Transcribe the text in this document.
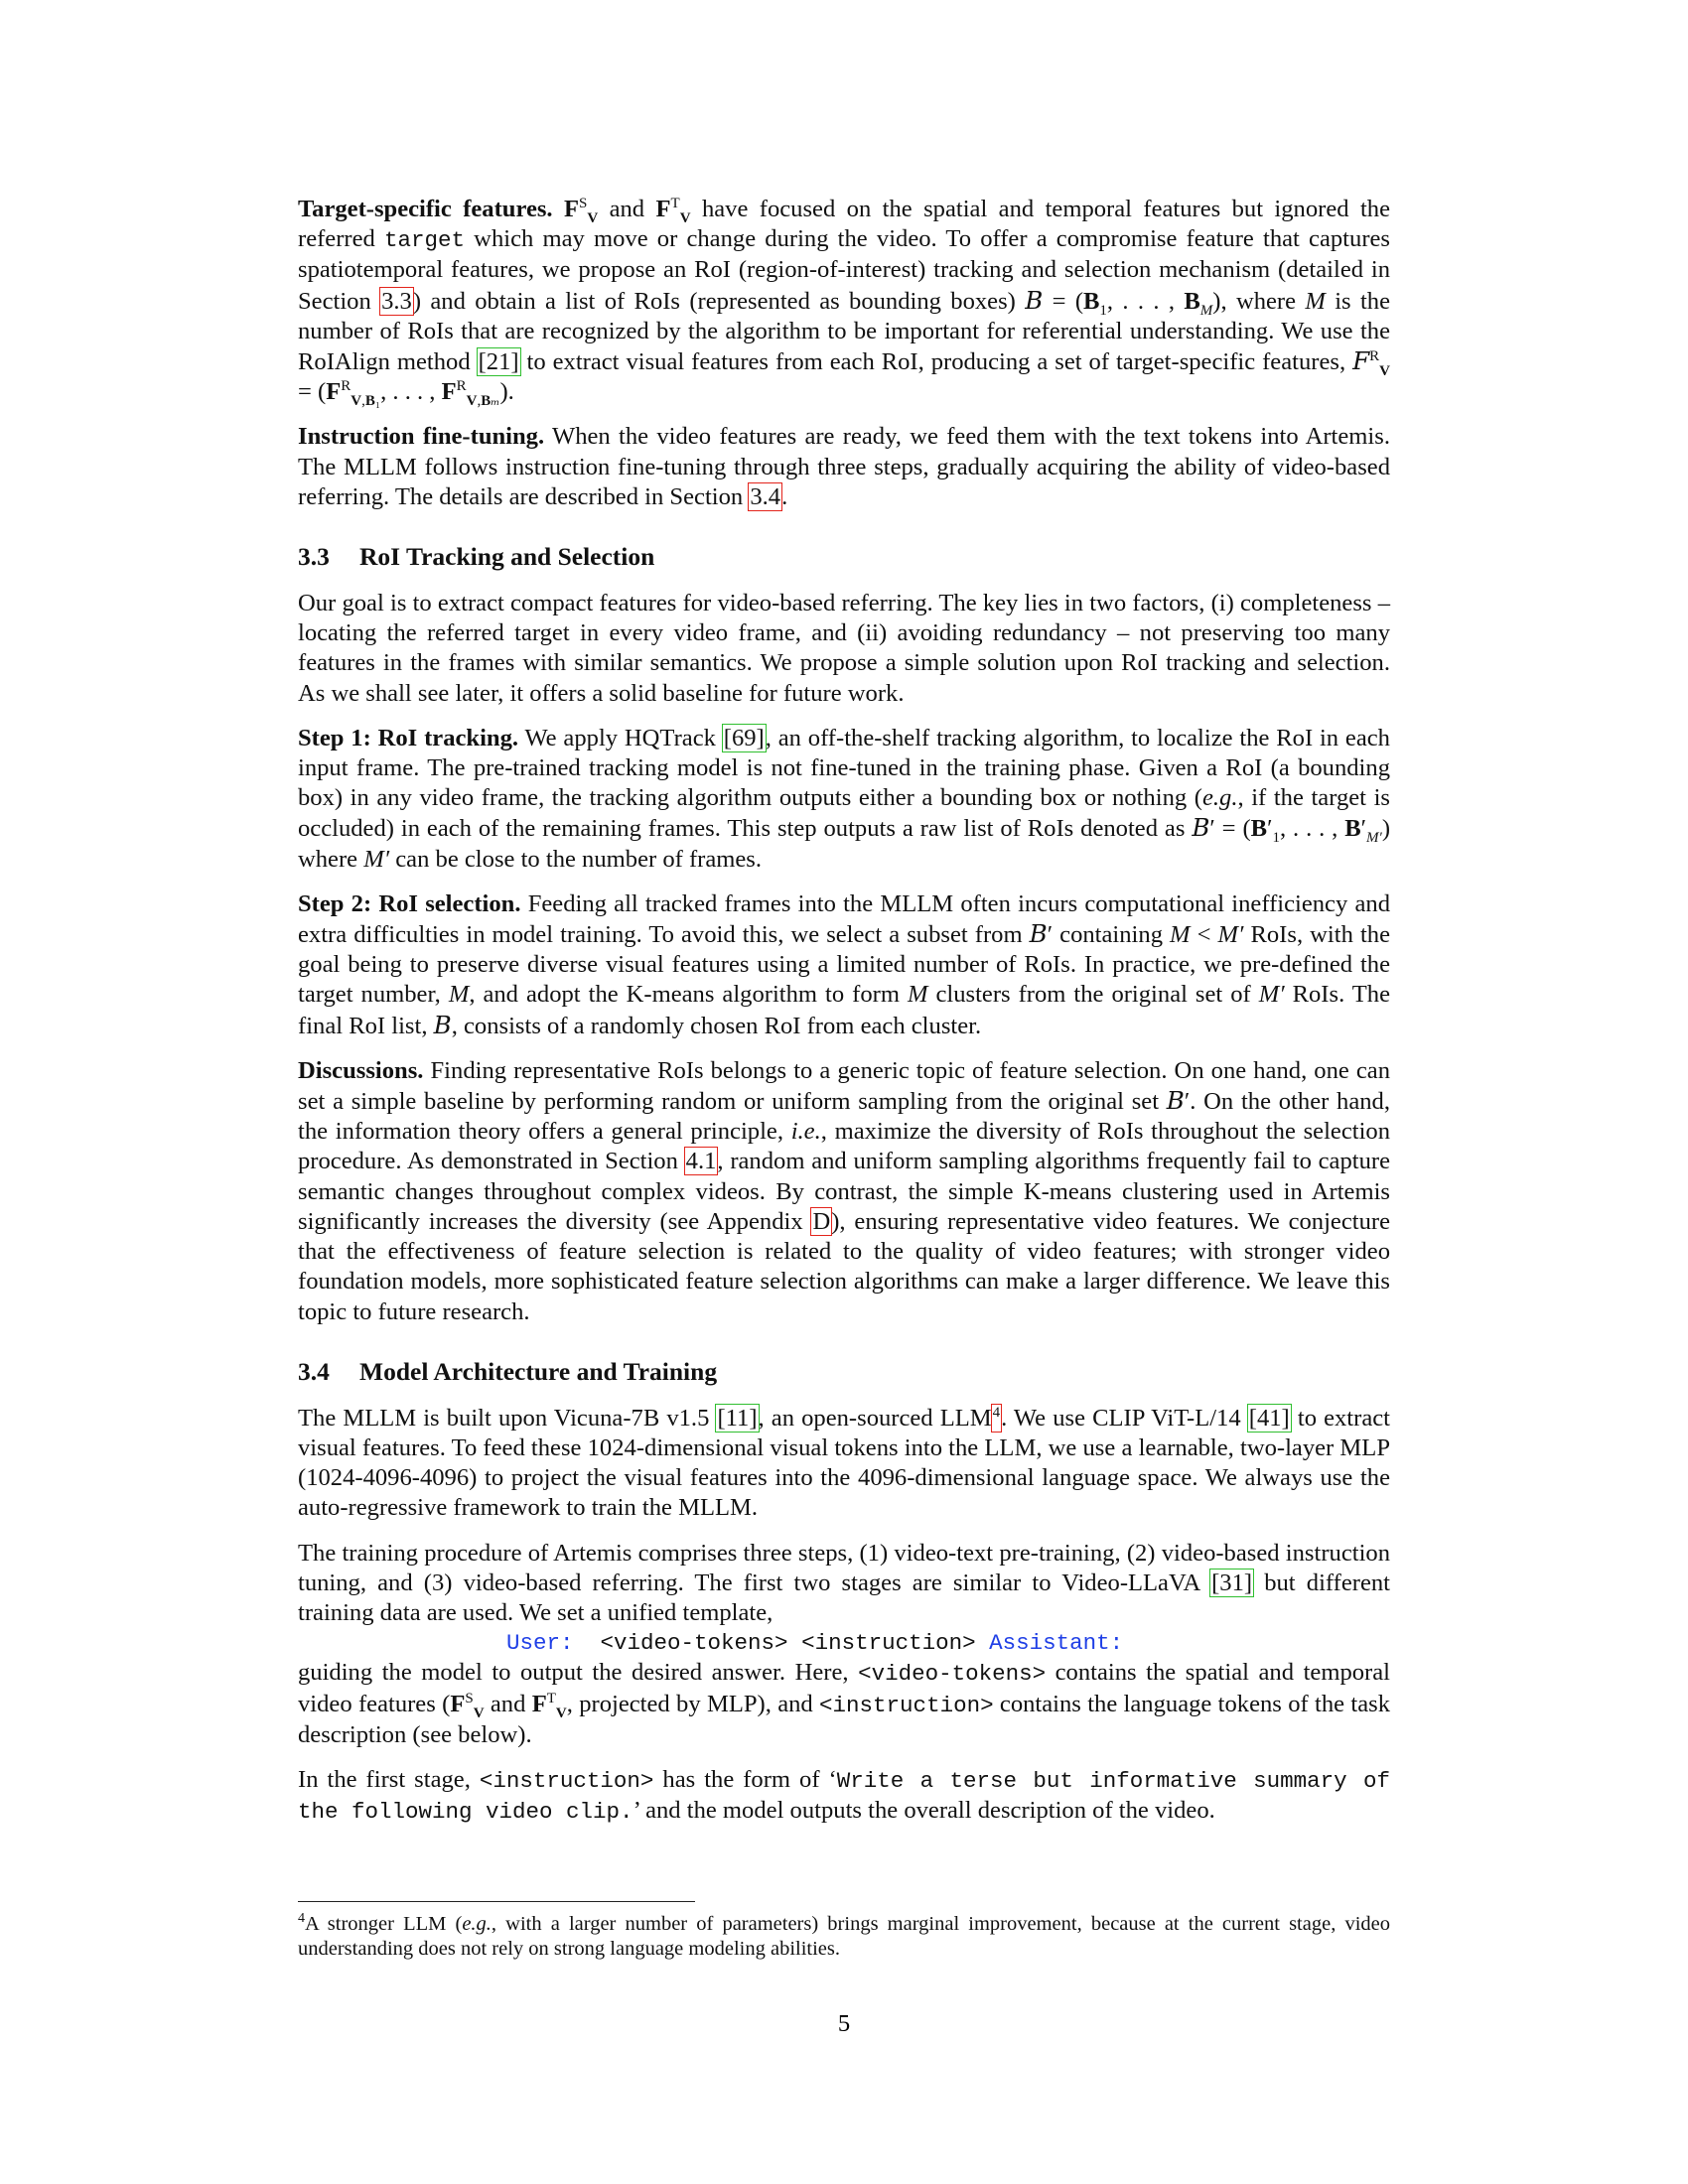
Target-specific features. $F^S_V$ and $F^T_V$ have focused on the spatial and temporal features but ignored the referred target which may move or change during the video. To offer a compromise feature that captures spatiotemporal features, we propose an RoI (region-of-interest) tracking and selection mechanism (detailed in Section 3.3) and obtain a list of RoIs (represented as bounding boxes) $B = (B_1$, . . . , $B_M$), where M is the number of RoIs that are recognized by the algorithm to be important for referential understanding. We use the RoIAlign method [21] to extract visual features from each RoI, producing a set of target-specific features, $F^R_V = (F^R_{V,B_1}$, . . . , $F^R_{V,B_m}$).

Instruction fine-tuning. When the video features are ready, we feed them with the text tokens into Artemis. The MLLM follows instruction fine-tuning through three steps, gradually acquiring the ability of video-based referring. The details are described in Section 3.4.

3.3 RoI Tracking and Selection

Our goal is to extract compact features for video-based referring. The key lies in two factors, (i) completeness – locating the referred target in every video frame, and (ii) avoiding redundancy – not preserving too many features in the frames with similar semantics. We propose a simple solution upon RoI tracking and selection. As we shall see later, it offers a solid baseline for future work.

Step 1: RoI tracking. We apply HQTrack [69], an off-the-shelf tracking algorithm, to localize the RoI in each input frame. The pre-trained tracking model is not fine-tuned in the training phase. Given a RoI (a bounding box) in any video frame, the tracking algorithm outputs either a bounding box or nothing (e.g., if the target is occluded) in each of the remaining frames. This step outputs a raw list of RoIs denoted as $B' = (B'_1$, . . . , $B'_{M'}$) where M′ can be close to the number of frames.

Step 2: RoI selection. Feeding all tracked frames into the MLLM often incurs computational inefficiency and extra difficulties in model training. To avoid this, we select a subset from B′ containing M < M′ RoIs, with the goal being to preserve diverse visual features using a limited number of RoIs. In practice, we pre-defined the target number, M, and adopt the K-means algorithm to form M clusters from the original set of M′ RoIs. The final RoI list, B, consists of a randomly chosen RoI from each cluster.

Discussions. Finding representative RoIs belongs to a generic topic of feature selection. On one hand, one can set a simple baseline by performing random or uniform sampling from the original set B′. On the other hand, the information theory offers a general principle, i.e., maximize the diversity of RoIs throughout the selection procedure. As demonstrated in Section 4.1, random and uniform sampling algorithms frequently fail to capture semantic changes throughout complex videos. By contrast, the simple K-means clustering used in Artemis significantly increases the diversity (see Appendix D), ensuring representative video features. We conjecture that the effectiveness of feature selection is related to the quality of video features; with stronger video foundation models, more sophisticated feature selection algorithms can make a larger difference. We leave this topic to future research.

3.4 Model Architecture and Training

The MLLM is built upon Vicuna-7B v1.5 [11], an open-sourced LLM$^4$. We use CLIP ViT-L/14 [41] to extract visual features. To feed these 1024-dimensional visual tokens into the LLM, we use a learnable, two-layer MLP (1024-4096-4096) to project the visual features into the 4096-dimensional language space. We always use the auto-regressive framework to train the MLLM.

The training procedure of Artemis comprises three steps, (1) video-text pre-training, (2) video-based instruction tuning, and (3) video-based referring. The first two stages are similar to Video-LLaVA [31] but different training data are used. We set a unified template,

User: <video-tokens> <instruction> Assistant:

guiding the model to output the desired answer. Here, <video-tokens> contains the spatial and temporal video features ($F^S_V$ and $F^T_V$, projected by MLP), and <instruction> contains the language tokens of the task description (see below).

In the first stage, <instruction> has the form of ‘Write a terse but informative summary of the following video clip.’ and the model outputs the overall description of the video.

$^4$A stronger LLM (e.g., with a larger number of parameters) brings marginal improvement, because at the current stage, video understanding does not rely on strong language modeling abilities.
5
